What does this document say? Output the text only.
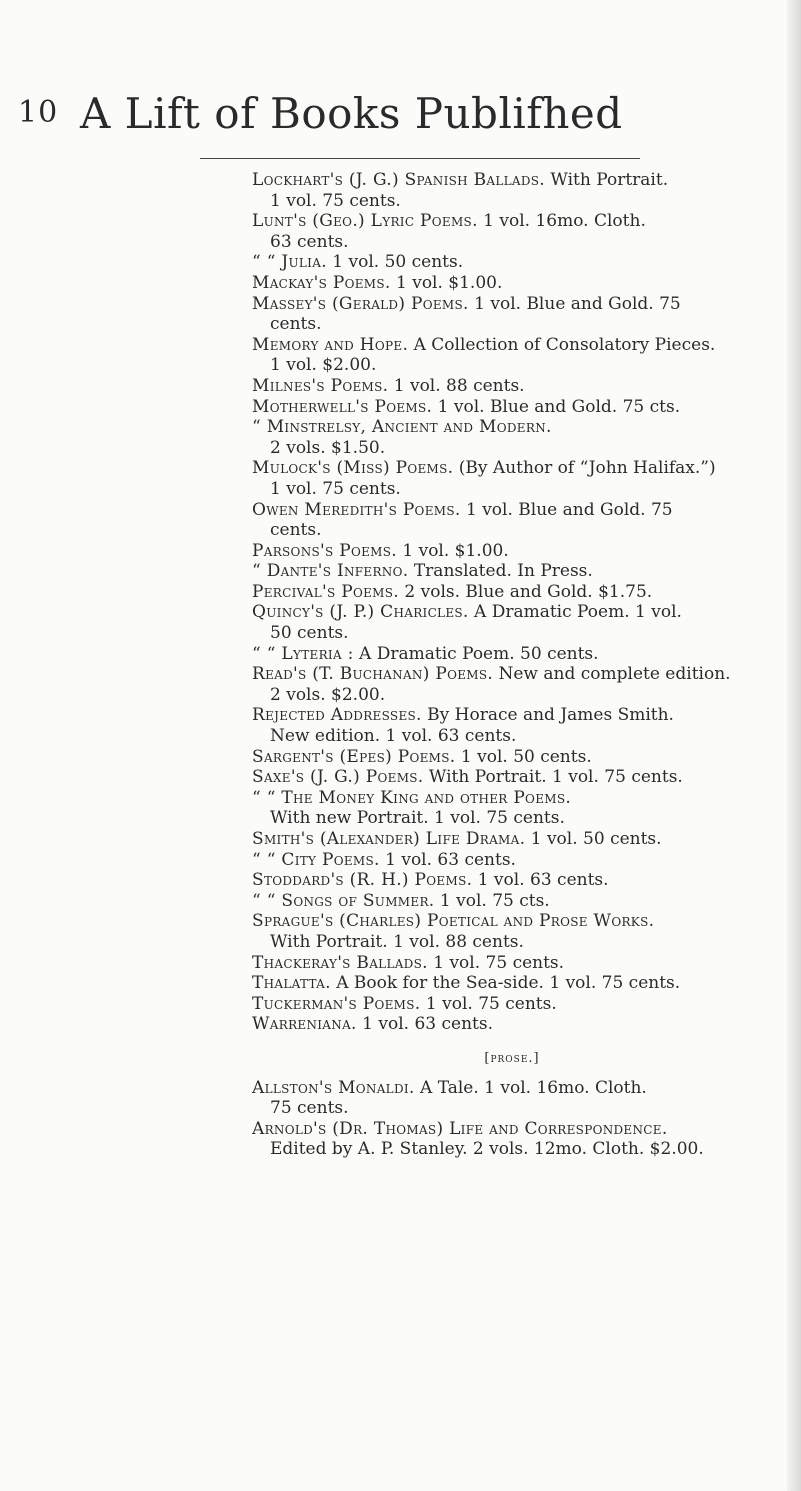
10 A Lift of Books Publifhed

Lockhart's (J. G.) Spanish Ballads. With Portrait.
1 vol. 75 cents.

Lunt's (Geo.) Lyric Poems. 1 vol. 16mo. Cloth.
63 cents.

“ “ Julia. 1 vol. 50 cents.

Mackay's Poems. 1 vol. $1.00.

Massey's (Gerald) Poems. 1 vol. Blue and Gold. 75
cents.

Memory and Hope. A Collection of Consolatory Pieces.
1 vol. $2.00.

Milnes's Poems. 1 vol. 88 cents.

Motherwell's Poems. 1 vol. Blue and Gold. 75 cts.

“ Minstrelsy, Ancient and Modern.
2 vols. $1.50.

Mulock's (Miss) Poems. (By Author of “John Halifax.”)
1 vol. 75 cents.

Owen Meredith's Poems. 1 vol. Blue and Gold. 75
cents.

Parsons's Poems. 1 vol. $1.00.

“ Dante's Inferno. Translated. In Press.

Percival's Poems. 2 vols. Blue and Gold. $1.75.

Quincy's (J. P.) Charicles. A Dramatic Poem. 1 vol.
50 cents.

“ “ Lyteria : A Dramatic Poem. 50 cents.

Read's (T. Buchanan) Poems. New and complete edition.
2 vols. $2.00.

Rejected Addresses. By Horace and James Smith.
New edition. 1 vol. 63 cents.

Sargent's (Epes) Poems. 1 vol. 50 cents.

Saxe's (J. G.) Poems. With Portrait. 1 vol. 75 cents.

“ “ The Money King and other Poems.
With new Portrait. 1 vol. 75 cents.

Smith's (Alexander) Life Drama. 1 vol. 50 cents.

“ “ City Poems. 1 vol. 63 cents.

Stoddard's (R. H.) Poems. 1 vol. 63 cents.

“ “ Songs of Summer. 1 vol. 75 cts.

Sprague's (Charles) Poetical and Prose Works.
With Portrait. 1 vol. 88 cents.

Thackeray's Ballads. 1 vol. 75 cents.

Thalatta. A Book for the Sea-side. 1 vol. 75 cents.

Tuckerman's Poems. 1 vol. 75 cents.

Warreniana. 1 vol. 63 cents.

[prose.]

Allston's Monaldi. A Tale. 1 vol. 16mo. Cloth.
75 cents.

Arnold's (Dr. Thomas) Life and Correspondence.
Edited by A. P. Stanley. 2 vols. 12mo. Cloth. $2.00.
